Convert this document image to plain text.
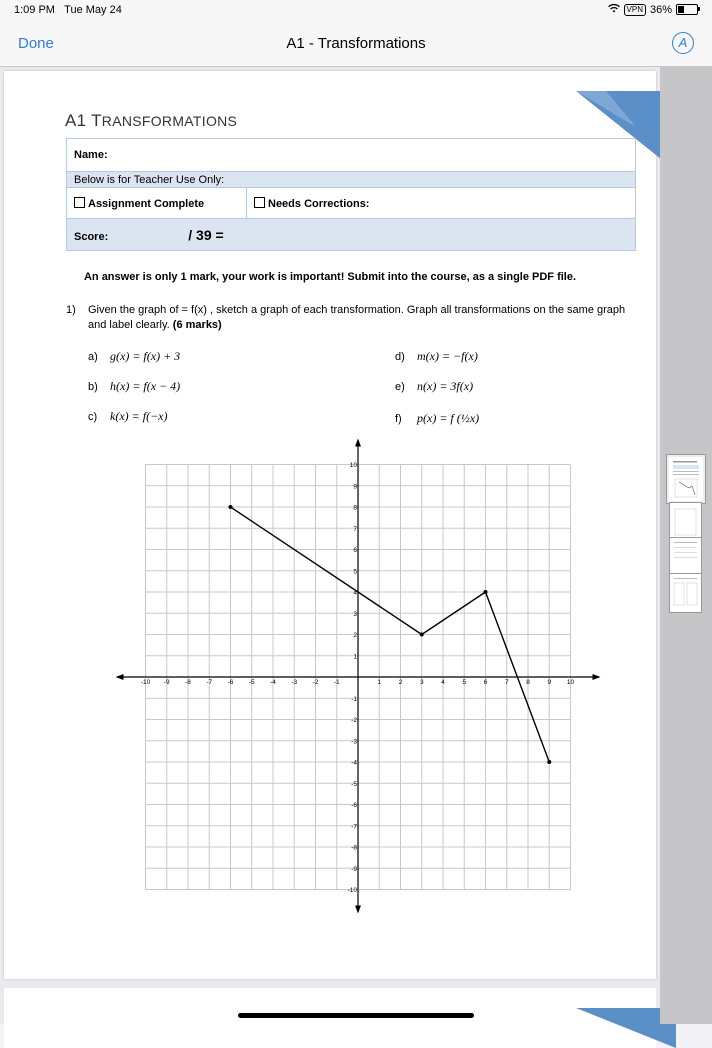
1:09 PM Tue May 24	VPN 36%
Done	A1 - Transformations	A
A1 TRANSFORMATIONS
Name:
Below is for Teacher Use Only:
Assignment Complete	Needs Corrections:
Score:	/ 39 =
An answer is only 1 mark, your work is important! Submit into the course, as a single PDF file.
1) Given the graph of = f(x) , sketch a graph of each transformation. Graph all transformations on the same graph and label clearly. (6 marks)
a) g(x) = f(x) + 3
b) h(x) = f(x − 4)
c) k(x) = f(−x)
d) m(x) = −f(x)
e) n(x) = 3f(x)
f) p(x) = f (½x)
-10 -9 -8 -7 -6 -5 -4 -3 -2 -1	1	2	3	4	5	6	7	8	9 10
10
9
8
7
6
5
4
3
2
1
-1
-2
-3
-4
-5
-6
-7
-8
-9
-10
